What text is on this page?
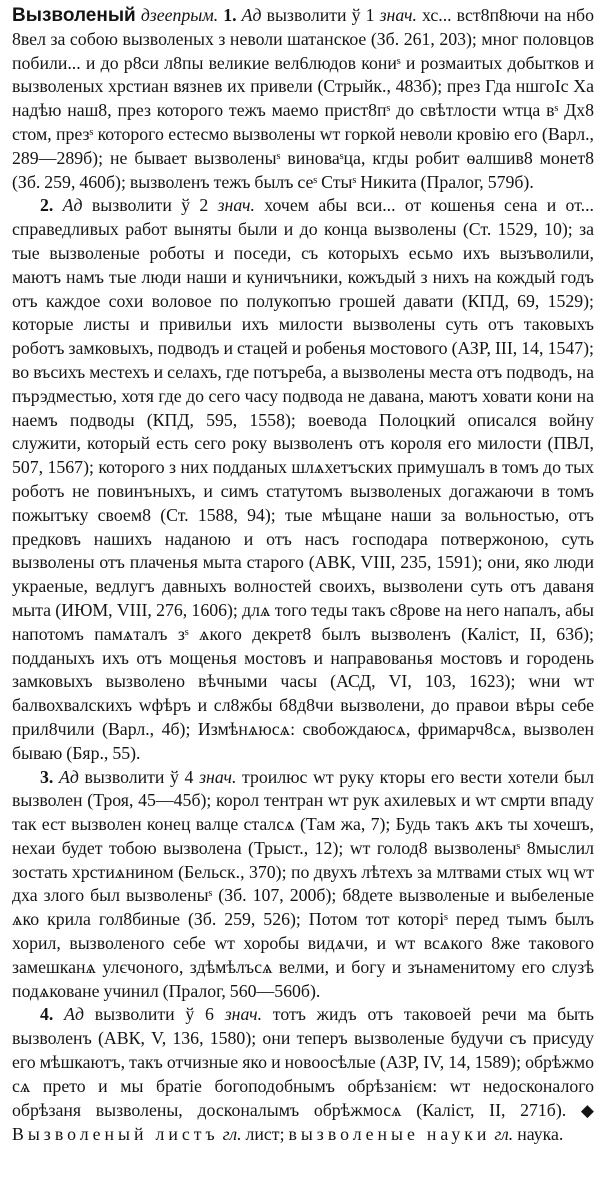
Вызволеный дзеепрым. 1. Ад вызволити ў 1 знач. хс... вст8п8ючи на нбо 8вел за собою вызволеных з неволи шатанское (Зб. 261, 203); мног половцов побили... и до р8си л8пы великие вел6людов кониˢ и розмаитых добытков и вызволеных хрстиан вязнев их привели (Стрыйк., 483б); през Гда ншгоІс Ха надѣю наш8, през которого тежъ маемо прист8пˢ до свѣтлости wтца вˢ Дх8 стом, презˢ которого естесмо вызволены wт горкой неволи кровію его (Варл., 289—289б); не бывает вызволеныˢ виноваˢца, кгды робит ѳалшив8 монет8 (Зб. 259, 460б); вызволенъ тежъ былъ сеˢ Стыˢ Никита (Пралог, 579б).

2. Ад вызволити ў 2 знач. хочем абы вси... от кошенья сена и от... справедливых работ выняты были и до конца вызволены (Ст. 1529, 10); за тые вызволеные роботы и поседи, съ которыхъ есьмо ихъ вызъволили, маютъ намъ тые люди наши и куничъники, кожъдый з нихъ на кождый годъ отъ каждое сохи воловое по полукопъю грошей давати (КПД, 69, 1529); которые листы и привильи ихъ милости вызволены суть отъ таковыхъ роботъ замковыхъ, подводъ и стацей и робенья мостового (АЗР, III, 14, 1547); во въсихъ местехъ и селахъ, где потъреба, а вызволены места отъ подводъ, на пърэдместью, хотя где до сего часу подвода не давана, маютъ ховати кони на наемъ подводы (КПД, 595, 1558); воевода Полоцкий описался войну служити, который есть сего року вызволенъ отъ короля его милости (ПВЛ, 507, 1567); которого з них подданых шлѧхетъских примушалъ в томъ до тых роботъ не повинъныхъ, и симъ статутомъ вызволеных догажаючи в томъ пожытъку своем8 (Ст. 1588, 94); тые мѣщане наши за вольностью, отъ предковъ нашихъ наданою и отъ насъ господара потвержоною, суть вызволены отъ плаченья мыта старого (АВК, VIII, 235, 1591); они, яко люди украеные, ведлугъ давныхъ волностей своихъ, вызволени суть отъ даваня мыта (ИЮМ, VIII, 276, 1606); длѧ того теды такъ с8рове на него напалъ, абы напотомъ памѧталъ зˢ ѧкого декрет8 былъ вызволенъ (Каліст, II, 63б); подданыхъ ихъ отъ мощенья мостовъ и направованья мостовъ и городень замковыхъ вызволено вѣчными часы (АСД, VI, 103, 1623); wни wт балвохвалскихъ wфѣръ и сл8жбы б8д8чи вызволени, до правои вѣры себе прил8чили (Варл., 4б); Измѣнѧюсѧ: свобождаюсѧ, фримарч8сѧ, вызволен бываю (Бяр., 55).

3. Ад вызволити ў 4 знач. троилюс wт руку кторы его вести хотели был вызволен (Троя, 45—45б); корол тентран wт рук ахилевых и wт смрти впаду так ест вызволен конец валце сталсѧ (Там жа, 7); Будь такъ ѧкъ ты хочешъ, нехаи будет тобою вызволена (Трыст., 12); wт голод8 вызволеныˢ 8мыслил зостать хрстиѧнином (Бельск., 370); по двухъ лѣтехъ за млтвами стых wц wт дха злого был вызволеныˢ (Зб. 107, 200б); б8дете вызволеные и выбеленые ѧко крила гол8биные (Зб. 259, 526); Потом тот которіˢ перед тымъ былъ хорил, вызволеного себе wт хоробы видѧчи, и wт всѧкого 8же такового замешканѧ улєчоного, здѣмѣлъсѧ велми, и богу и зънаменитому его слузѣ подѧковане учинил (Пралог, 560—560б).

4. Ад вызволити ў 6 знач. тотъ жидъ отъ таковоей речи ма быть вызволенъ (АВК, V, 136, 1580); они теперъ вызволеные будучи съ присуду его мѣшкаютъ, такъ отчизные яко и новоосѣлые (АЗР, IV, 14, 1589); обрѣжмо сѧ прето и мы братіе богоподобнымъ обрѣзанієм: wт недосконалого обрѣзаня вызволены, досконалымъ обрѣжмосѧ (Каліст, II, 271б). ◆ Вызволеный листъ гл. лист; вызволеные науки гл. наука.
